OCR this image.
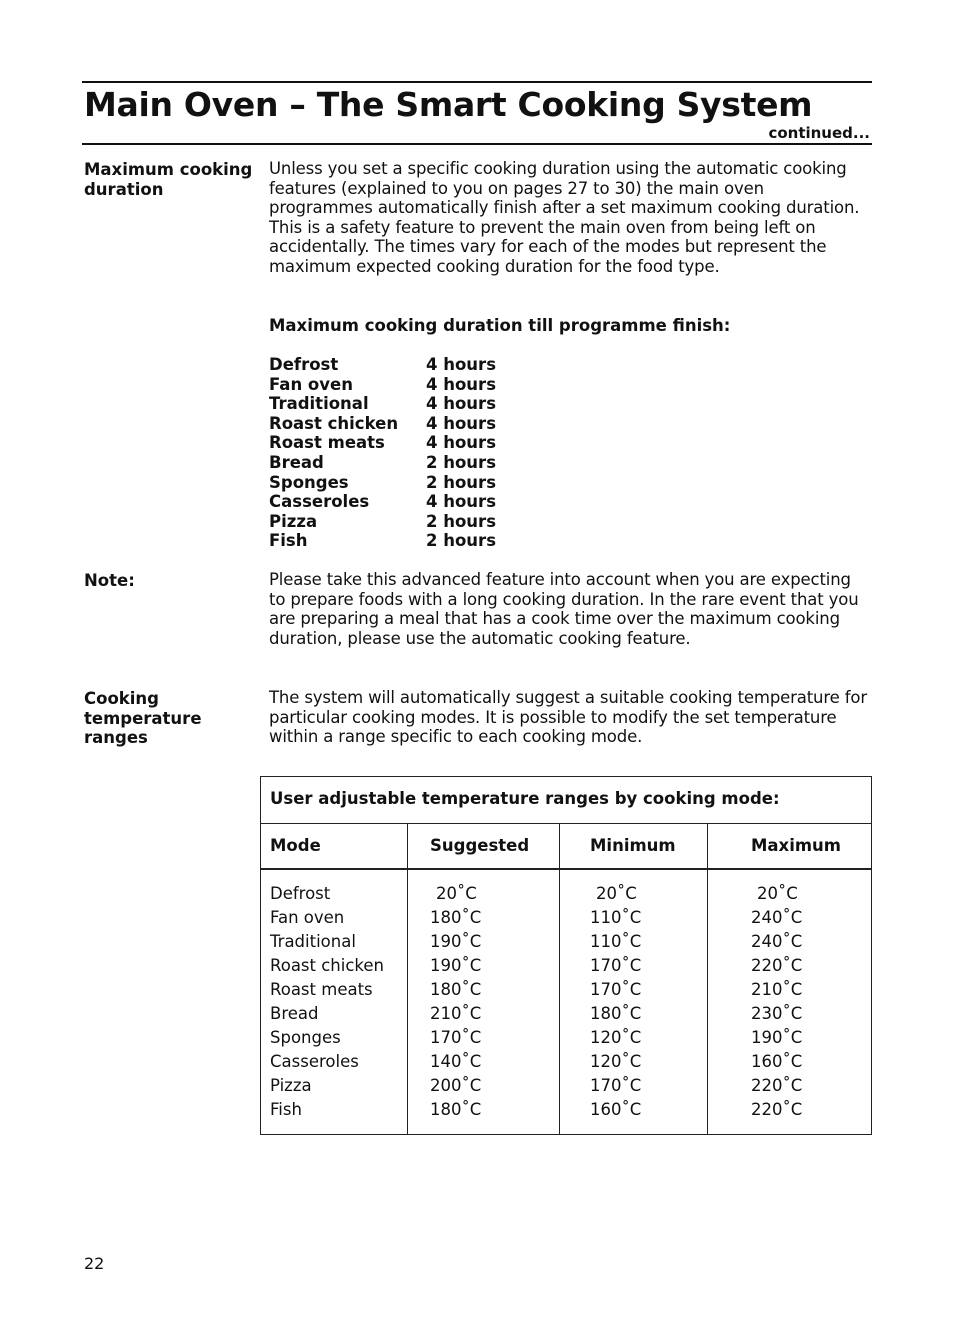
Main Oven – The Smart Cooking System
continued...
Maximum cooking duration
Unless you set a specific cooking duration using the automatic cooking features (explained to you on pages 27 to 30) the main oven programmes automatically finish after a set maximum cooking duration. This is a safety feature to prevent the main oven from being left on accidentally. The times vary for each of the modes but represent the maximum expected cooking duration for the food type.
Maximum cooking duration till programme finish:
Defrost	4 hours
Fan oven	4 hours
Traditional	4 hours
Roast chicken	4 hours
Roast meats	4 hours
Bread	2 hours
Sponges	2 hours
Casseroles	4 hours
Pizza	2 hours
Fish	2 hours
Note:	Please take this advanced feature into account when you are expecting to prepare foods with a long cooking duration. In the rare event that you are preparing a meal that has a cook time over the maximum cooking duration, please use the automatic cooking feature.
Cooking temperature ranges
The system will automatically suggest a suitable cooking temperature for particular cooking modes. It is possible to modify the set temperature within a range specific to each cooking mode.
User adjustable temperature ranges by cooking mode:
Mode	Suggested	Minimum	Maximum
Defrost	20˚C	20˚C	20˚C
Fan oven	180˚C	110˚C	240˚C
Traditional	190˚C	110˚C	240˚C
Roast chicken	190˚C	170˚C	220˚C
Roast meats	180˚C	170˚C	210˚C
Bread	210˚C	180˚C	230˚C
Sponges	170˚C	120˚C	190˚C
Casseroles	140˚C	120˚C	160˚C
Pizza	200˚C	170˚C	220˚C
Fish	180˚C	160˚C	220˚C
22
